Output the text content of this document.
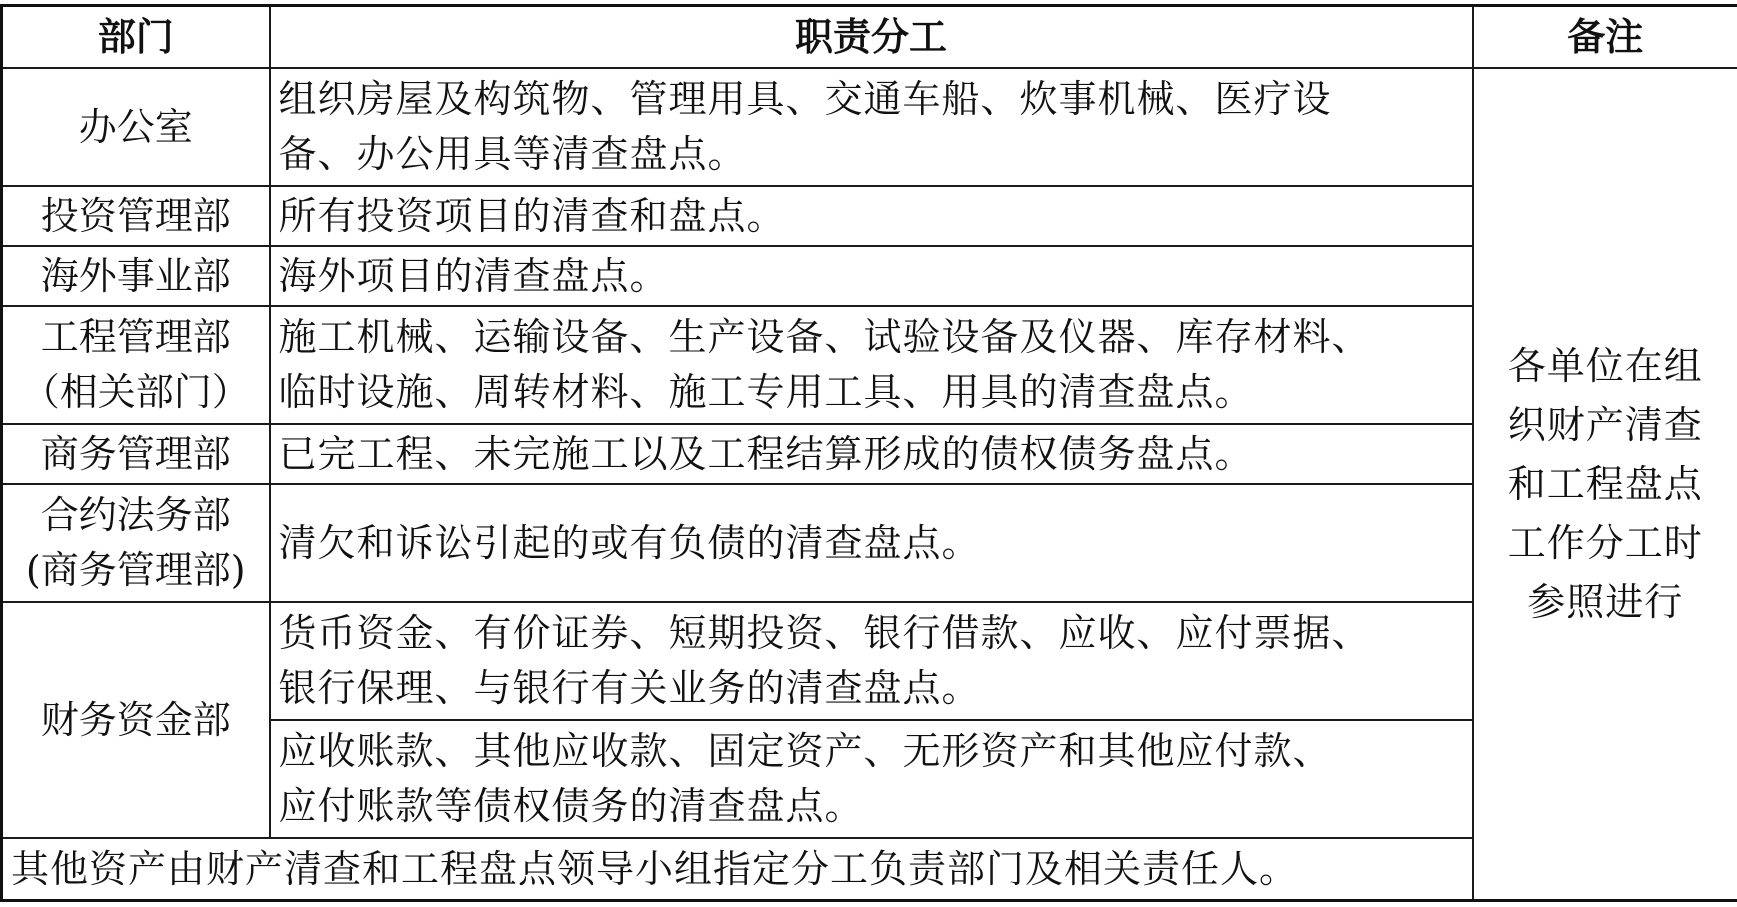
部门	职责分工	备注

办公室	组织房屋及构筑物、管理用具、交通车船、炊事机械、医疗设
备、办公用具等清查盘点。	各单位在组
织财产清查
和工程盘点
工作分工时
参照进行

投资管理部	所有投资项目的清查和盘点。	

海外事业部	海外项目的清查盘点。	

工程管理部
（相关部门）	施工机械、运输设备、生产设备、试验设备及仪器、库存材料、
临时设施、周转材料、施工专用工具、用具的清查盘点。	

商务管理部	已完工程、未完施工以及工程结算形成的债权债务盘点。	

合约法务部
(商务管理部)	清欠和诉讼引起的或有负债的清查盘点。	

财务资金部	货币资金、有价证券、短期投资、银行借款、应收、应付票据、
银行保理、与银行有关业务的清查盘点。	

	应收账款、其他应收款、固定资产、无形资产和其他应付款、
应付账款等债权债务的清查盘点。	

其他资产由财产清查和工程盘点领导小组指定分工负责部门及相关责任人。		
